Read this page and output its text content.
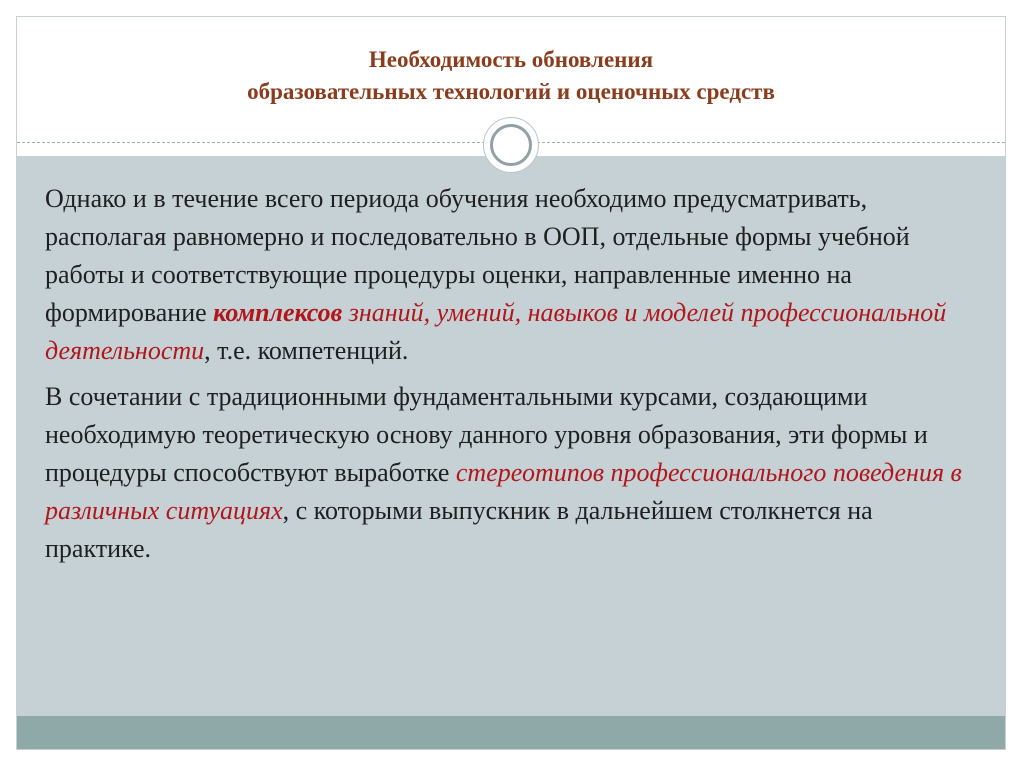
Необходимость обновления
образовательных технологий и оценочных средств

Однако и в течение всего периода обучения необходимо предусматривать, располагая равномерно и последовательно в ООП, отдельные формы учебной работы и соответствующие процедуры оценки, направленные именно на формирование комплексов знаний, умений, навыков и моделей профессиональной деятельности, т.е. компетенций.

В сочетании с традиционными фундаментальными курсами, создающими необходимую теоретическую основу данного уровня образования, эти формы и процедуры способствуют выработке стереотипов профессионального поведения в различных ситуациях, с которыми выпускник в дальнейшем столкнется на практике.
